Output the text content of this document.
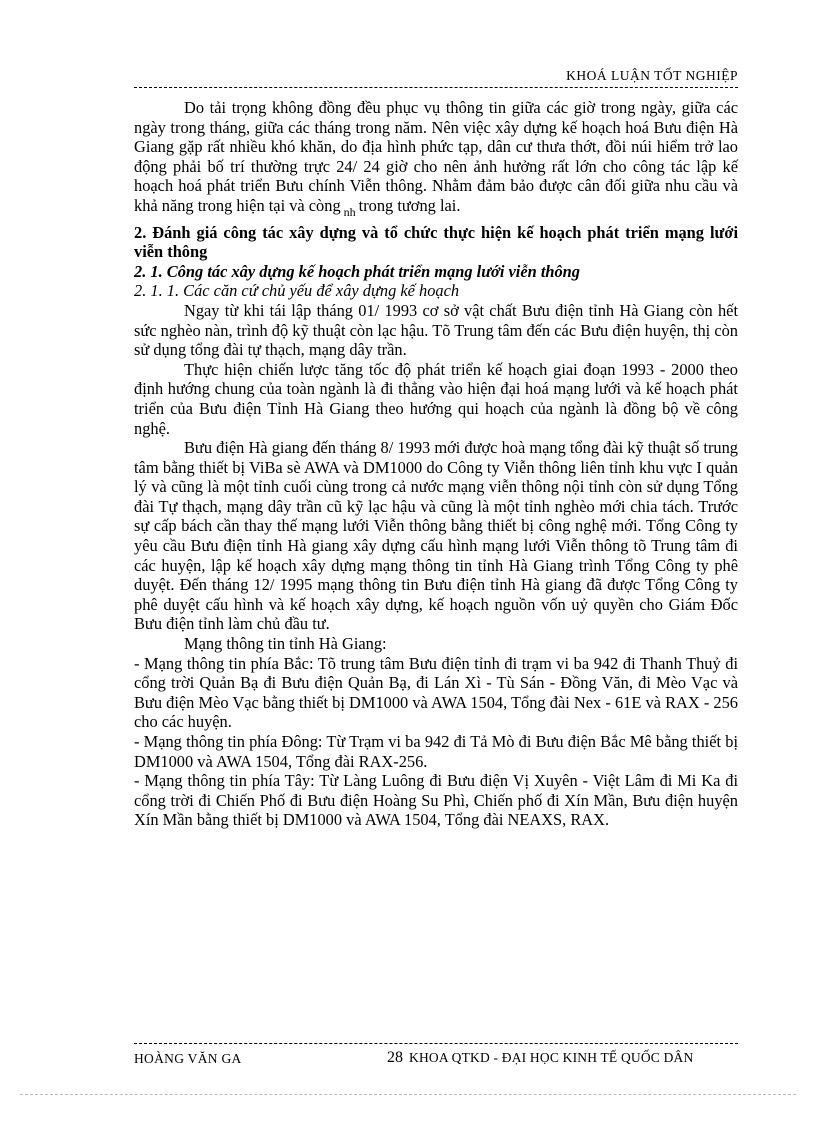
KHOÁ LUẬN TỐT NGHIỆP

Do tải trọng không đồng đều phục vụ thông tin giữa các giờ trong ngày, giữa các ngày trong tháng, giữa các tháng trong năm. Nên việc xây dựng kế hoạch hoá Bưu điện Hà Giang gặp rất nhiều khó khăn, do địa hình phức tạp, dân cư thưa thớt, đồi núi hiểm trở lao động phải bố trí thường trực 24/ 24 giờ cho nên ảnh hưởng rất lớn cho công tác lập kế hoạch hoá phát triển Bưu chính Viễn thông. Nhằm đảm bảo được cân đối giữa nhu cầu và khả năng trong hiện tại và còng $_{nh}$ trong tương lai.

2. Đánh giá công tác xây dựng và tổ chức thực hiện kế hoạch phát triển mạng lưới viễn thông

2. 1. Công tác xây dựng kế hoạch phát triển mạng lưới viễn thông

2. 1. 1. Các căn cứ chủ yếu để xây dựng kế hoạch

Ngay từ khi tái lập tháng 01/ 1993 cơ sở vật chất Bưu điện tỉnh Hà Giang còn hết sức nghèo nàn, trình độ kỹ thuật còn lạc hậu. Tõ Trung tâm đến các Bưu điện huyện, thị còn sử dụng tổng đài tự thạch, mạng dây trần.

Thực hiện chiến lược tăng tốc độ phát triển kế hoạch giai đoạn 1993 - 2000 theo định hướng chung của toàn ngành là đi thẳng vào hiện đại hoá mạng lưới và kế hoạch phát triển của Bưu điện Tỉnh Hà Giang theo hướng qui hoạch của ngành là đồng bộ về công nghệ.

Bưu điện Hà giang đến tháng 8/ 1993 mới được hoà mạng tổng đài kỹ thuật số trung tâm bằng thiết bị ViBa sè AWA và DM1000 do Công ty Viễn thông liên tỉnh khu vực I quản lý và cũng là một tỉnh cuối cùng trong cả nước mạng viễn thông nội tỉnh còn sử dụng Tổng đài Tự thạch, mạng dây trần cũ kỹ lạc hậu và cũng là một tỉnh nghèo mới chia tách. Trước sự cấp bách cần thay thế mạng lưới Viễn thông bằng thiết bị công nghệ mới. Tổng Công ty yêu cầu Bưu điện tỉnh Hà giang xây dựng cấu hình mạng lưới Viễn thông tõ Trung tâm đi các huyện, lập kế hoạch xây dựng mạng thông tin tỉnh Hà Giang trình Tổng Công ty phê duyệt. Đến tháng 12/ 1995 mạng thông tin Bưu điện tỉnh Hà giang đã được Tổng Công ty phê duyệt cấu hình và kế hoạch xây dựng, kế hoạch nguồn vốn uỷ quyền cho Giám Đốc Bưu điện tỉnh làm chủ đầu tư.

Mạng thông tin tỉnh Hà Giang:

- Mạng thông tin phía Bắc: Tõ trung tâm Bưu điện tỉnh đi trạm vi ba 942 đi Thanh Thuỷ đi cổng trời Quản Bạ đi Bưu điện Quản Bạ, đi Lán Xì - Tù Sán - Đồng Văn, đi Mèo Vạc và Bưu điện Mèo Vạc bằng thiết bị DM1000 và AWA 1504, Tổng đài Nex - 61E và RAX - 256 cho các huyện.

- Mạng thông tin phía Đông: Từ Trạm vi ba 942 đi Tả Mò đi Bưu điện Bắc Mê bằng thiết bị DM1000 và AWA 1504, Tổng đài RAX-256.

- Mạng thông tin phía Tây: Từ Làng Luông đi Bưu điện Vị Xuyên - Việt Lâm đi Mi Ka đi cổng trời đi Chiến Phố đi Bưu điện Hoàng Su Phì, Chiến phố đi Xín Mần, Bưu điện huyện Xín Mần bằng thiết bị DM1000 và AWA 1504, Tổng đài NEAXS, RAX.

HOÀNG VĂN GA	28 KHOA QTKD - ĐẠI HỌC KINH TẾ QUỐC DÂN
